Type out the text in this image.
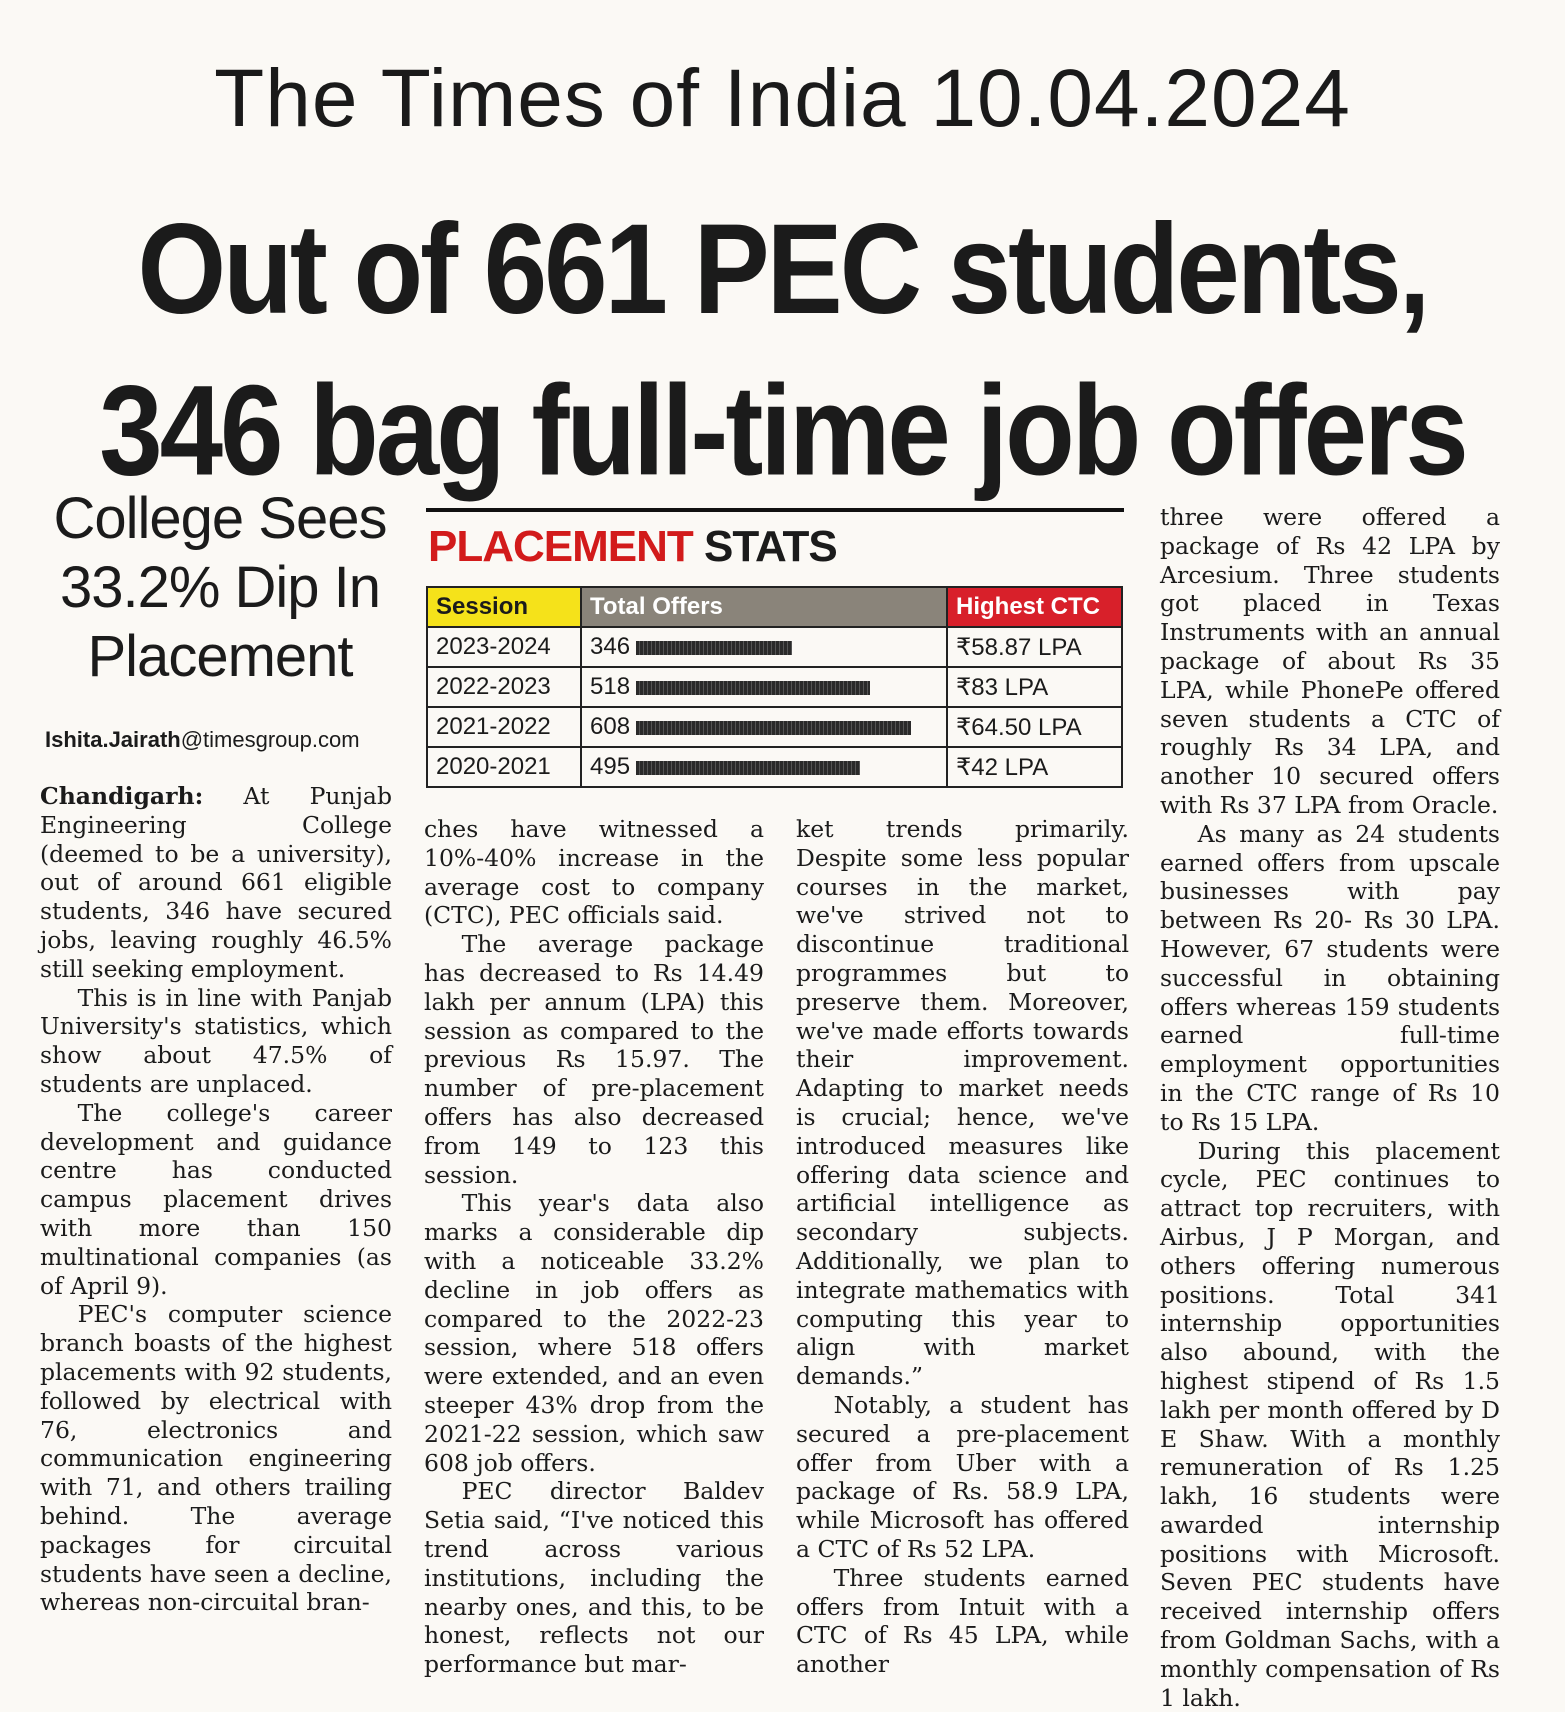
The Times of India 10.04.2024
Out of 661 PEC students,
346 bag full-time job offers
College Sees
33.2% Dip In
Placement
Ishita.Jairath@timesgroup.com
PLACEMENT STATS
Session	Total Offers	Highest CTC
2023-2024	346	₹58.87 LPA
2022-2023	518	₹83 LPA
2021-2022	608	₹64.50 LPA
2020-2021	495	₹42 LPA

Chandigarh: At Punjab Engineering College (deemed to be a university), out of around 661 eligible students, 346 have secured jobs, leaving roughly 46.5% still seeking employment.

This is in line with Panjab University's statistics, which show about 47.5% of students are unplaced.

The college's career development and guidance centre has conducted campus placement drives with more than 150 multinational companies (as of April 9).

PEC's computer science branch boasts of the highest placements with 92 students, followed by electrical with 76, electronics and communication engineering with 71, and others trailing behind. The average packages for circuital students have seen a decline, whereas non-circuital bran-

ches have witnessed a 10%-40% increase in the average cost to company (CTC), PEC officials said.

The average package has decreased to Rs 14.49 lakh per annum (LPA) this session as compared to the previous Rs 15.97. The number of pre-placement offers has also decreased from 149 to 123 this session.

This year's data also marks a considerable dip with a noticeable 33.2% decline in job offers as compared to the 2022-23 session, where 518 offers were extended, and an even steeper 43% drop from the 2021-22 session, which saw 608 job offers.

PEC director Baldev Setia said, “I've noticed this trend across various institutions, including the nearby ones, and this, to be honest, reflects not our performance but mar-

ket trends primarily. Despite some less popular courses in the market, we've strived not to discontinue traditional programmes but to preserve them. Moreover, we've made efforts towards their improvement. Adapting to market needs is crucial; hence, we've introduced measures like offering data science and artificial intelligence as secondary subjects. Additionally, we plan to integrate mathematics with computing this year to align with market demands.”

Notably, a student has secured a pre-placement offer from Uber with a package of Rs. 58.9 LPA, while Microsoft has offered a CTC of Rs 52 LPA.

Three students earned offers from Intuit with a CTC of Rs 45 LPA, while another

three were offered a package of Rs 42 LPA by Arcesium. Three students got placed in Texas Instruments with an annual package of about Rs 35 LPA, while PhonePe offered seven students a CTC of roughly Rs 34 LPA, and another 10 secured offers with Rs 37 LPA from Oracle.

As many as 24 students earned offers from upscale businesses with pay between Rs 20- Rs 30 LPA. However, 67 students were successful in obtaining offers whereas 159 students earned full-time employment opportunities in the CTC range of Rs 10 to Rs 15 LPA.

During this placement cycle, PEC continues to attract top recruiters, with Airbus, J P Morgan, and others offering numerous positions. Total 341 internship opportunities also abound, with the highest stipend of Rs 1.5 lakh per month offered by D E Shaw. With a monthly remuneration of Rs 1.25 lakh, 16 students were awarded internship positions with Microsoft. Seven PEC students have received internship offers from Goldman Sachs, with a monthly compensation of Rs 1 lakh.
